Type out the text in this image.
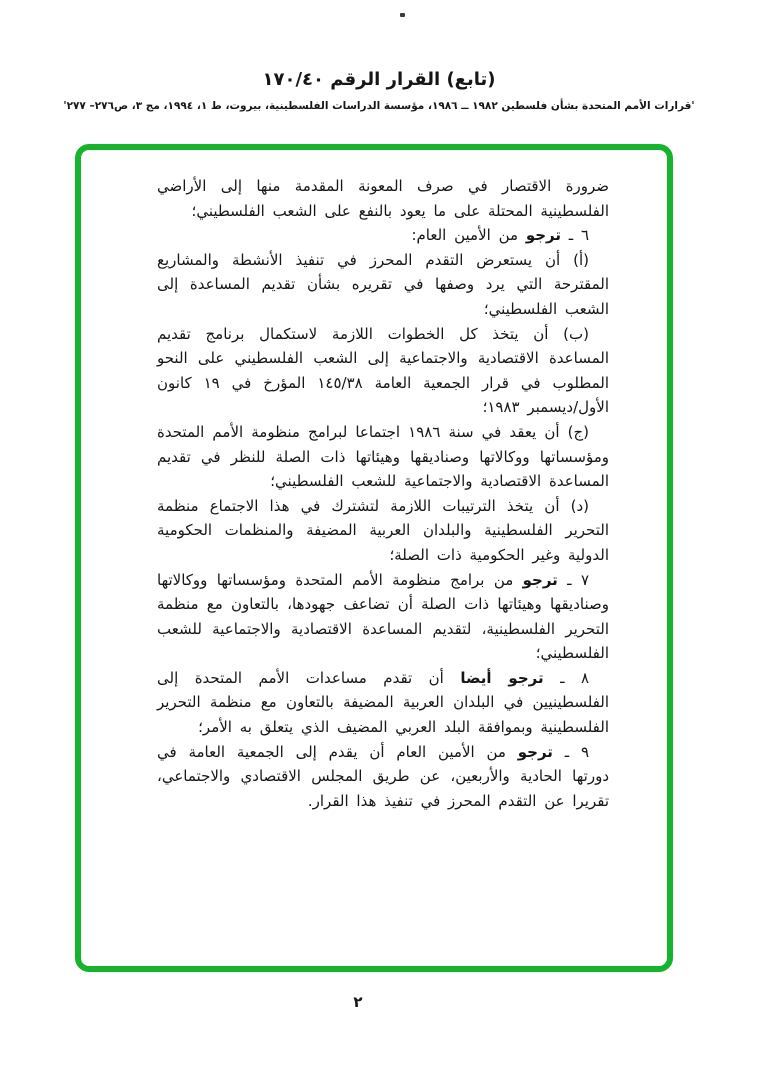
(تابع) القرار الرقم ١٧٠/٤٠
'قرارات الأمم المتحدة بشأن فلسطين ١٩٨٢ ــ ١٩٨٦، مؤسسة الدراسات الفلسطينية، بيروت، ط ١، ١٩٩٤، مج ٣، ص٢٧٦– ٢٧٧'

ضرورة الاقتصار في صرف المعونة المقدمة منها إلى الأراضي الفلسطينية المحتلة على ما يعود بالنفع على الشعب الفلسطيني؛

٦ ـ ترجو من الأمين العام:

(أ) أن يستعرض التقدم المحرز في تنفيذ الأنشطة والمشاريع المقترحة التي يرد وصفها في تقريره بشأن تقديم المساعدة إلى الشعب الفلسطيني؛

(ب) أن يتخذ كل الخطوات اللازمة لاستكمال برنامج تقديم المساعدة الاقتصادية والاجتماعية إلى الشعب الفلسطيني على النحو المطلوب في قرار الجمعية العامة ١٤٥/٣٨ المؤرخ في ١٩ كانون الأول/ديسمبر ١٩٨٣؛

(ج) أن يعقد في سنة ١٩٨٦ اجتماعا لبرامج منظومة الأمم المتحدة ومؤسساتها ووكالاتها وصناديقها وهيئاتها ذات الصلة للنظر في تقديم المساعدة الاقتصادية والاجتماعية للشعب الفلسطيني؛

(د) أن يتخذ الترتيبات اللازمة لتشترك في هذا الاجتماع منظمة التحرير الفلسطينية والبلدان العربية المضيفة والمنظمات الحكومية الدولية وغير الحكومية ذات الصلة؛

٧ ـ ترجو من برامج منظومة الأمم المتحدة ومؤسساتها ووكالاتها وصناديقها وهيئاتها ذات الصلة أن تضاعف جهودها، بالتعاون مع منظمة التحرير الفلسطينية، لتقديم المساعدة الاقتصادية والاجتماعية للشعب الفلسطيني؛

٨ ـ ترجو أيضا أن تقدم مساعدات الأمم المتحدة إلى الفلسطينيين في البلدان العربية المضيفة بالتعاون مع منظمة التحرير الفلسطينية وبموافقة البلد العربي المضيف الذي يتعلق به الأمر؛

٩ ـ ترجو من الأمين العام أن يقدم إلى الجمعية العامة في دورتها الحادية والأربعين، عن طريق المجلس الاقتصادي والاجتماعي، تقريرا عن التقدم المحرز في تنفيذ هذا القرار.

٢
